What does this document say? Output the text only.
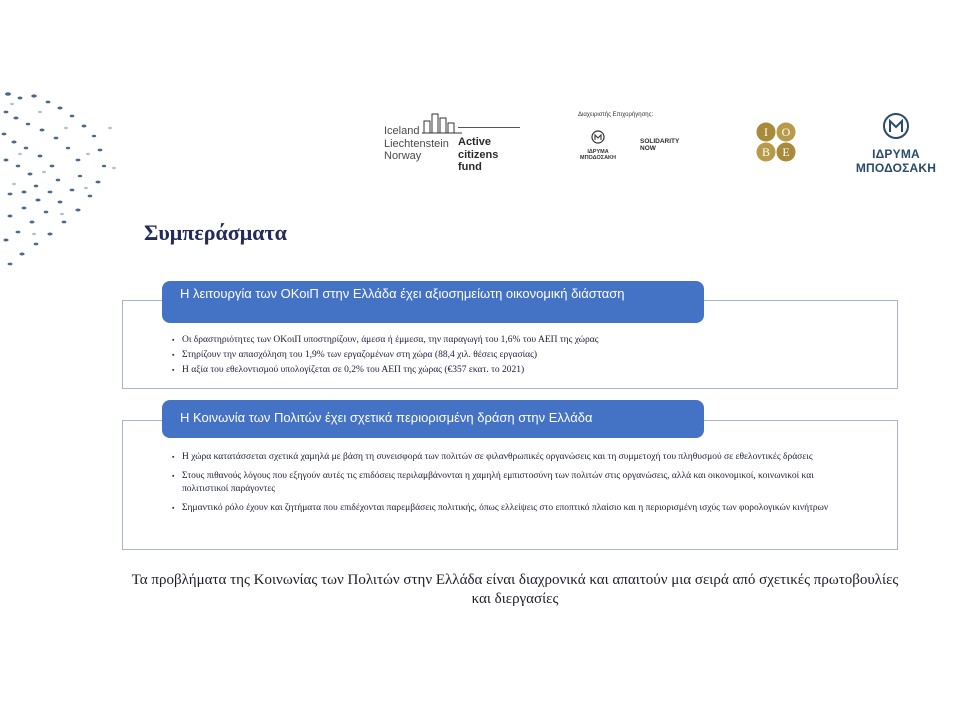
Iceland
Liechtenstein
Norway
Active
citizens fund
Διαχειριστής Επιχορήγησης:
ΙΔΡΥΜΑ
ΜΠΟΔΟΣΑΚΗ
SOLIDARITY
NOW
I O
B E	ΙΔΡΥΜΑ ΜΠΟΔΟΣΑΚΗ
Συμπεράσματα
Η λειτουργία των ΟΚοιΠ στην Ελλάδα έχει αξιοσημείωτη οικονομική διάσταση
▪ Οι δραστηριότητες των ΟΚοιΠ υποστηρίζουν, άμεσα ή έμμεσα, την παραγωγή του 1,6% του ΑΕΠ της χώρας
▪ Στηρίζουν την απασχόληση του 1,9% των εργαζομένων στη χώρα (88,4 χιλ. θέσεις εργασίας)
▪ Η αξία του εθελοντισμού υπολογίζεται σε 0,2% του ΑΕΠ της χώρας (€357 εκατ. το 2021)
Η Κοινωνία των Πολιτών έχει σχετικά περιορισμένη δράση στην Ελλάδα
▪ Η χώρα κατατάσσεται σχετικά χαμηλά με βάση τη συνεισφορά των πολιτών σε φιλανθρωπικές οργανώσεις και τη συμμετοχή του πληθυσμού σε εθελοντικές δράσεις
▪ Στους πιθανούς λόγους που εξηγούν αυτές τις επιδόσεις περιλαμβάνονται η χαμηλή εμπιστοσύνη των πολιτών στις οργανώσεις, αλλά και οικονομικοί, κοινωνικοί και πολιτιστικοί παράγοντες
▪ Σημαντικό ρόλο έχουν και ζητήματα που επιδέχονται παρεμβάσεις πολιτικής, όπως ελλείψεις στο εποπτικό πλαίσιο και η περιορισμένη ισχύς των φορολογικών κινήτρων

Τα προβλήματα της Κοινωνίας των Πολιτών στην Ελλάδα είναι διαχρονικά και απαιτούν μια σειρά από σχετικές πρωτοβουλίες και διεργασίες
